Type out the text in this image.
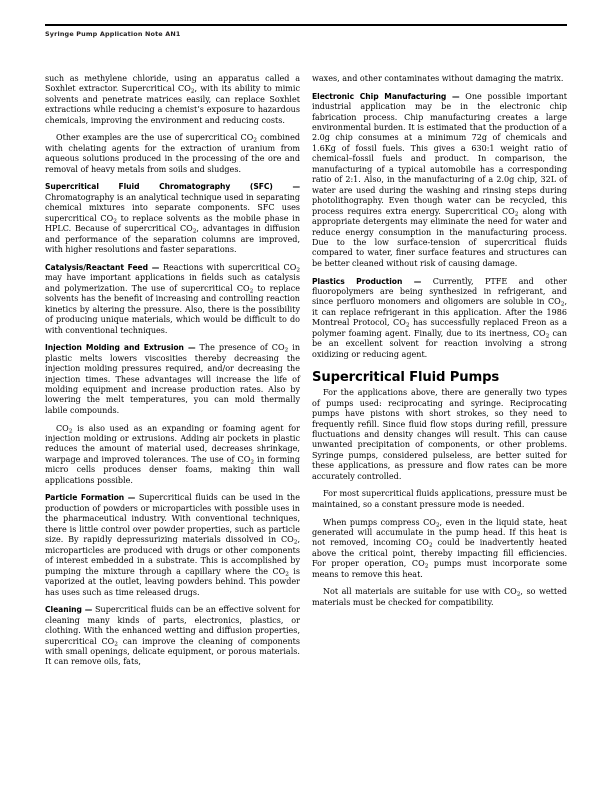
Syringe Pump Application Note AN1

such as methylene chloride, using an apparatus called a Soxhlet extractor. Supercritical $CO_2$, with its ability to mimic solvents and penetrate matrices easily, can replace Soxhlet extractions while reducing a chemist’s exposure to hazardous chemicals, improving the environment and reducing costs.

Other examples are the use of supercritical $CO_2$ combined with chelating agents for the extraction of uranium from aqueous solutions produced in the processing of the ore and removal of heavy metals from soils and sludges.

Supercritical Fluid Chromatography (SFC) — Chromatography is an analytical technique used in separating chemical mixtures into separate components. SFC uses supercritical $CO_2$ to replace solvents as the mobile phase in HPLC. Because of supercritical $CO_2$, advantages in diffusion and performance of the separation columns are improved, with higher resolutions and faster separations.

Catalysis/Reactant Feed — Reactions with supercritical $CO_2$ may have important applications in fields such as catalysis and polymerization. The use of supercritical $CO_2$ to replace solvents has the benefit of increasing and controlling reaction kinetics by altering the pressure. Also, there is the possibility of producing unique materials, which would be difficult to do with conventional techniques.

Injection Molding and Extrusion — The presence of $CO_2$ in plastic melts lowers viscosities thereby decreasing the injection molding pressures required, and/or decreasing the injection times. These advantages will increase the life of molding equipment and increase production rates. Also by lowering the melt temperatures, you can mold thermally labile compounds.

$CO_2$ is also used as an expanding or foaming agent for injection molding or extrusions. Adding air pockets in plastic reduces the amount of material used, decreases shrinkage, warpage and improved tolerances. The use of $CO_2$ in forming micro cells produces denser foams, making thin wall applications possible.

Particle Formation — Supercritical fluids can be used in the production of powders or microparticles with possible uses in the pharmaceutical industry. With conventional techniques, there is little control over powder properties, such as particle size. By rapidly depressurizing materials dissolved in $CO_2$, microparticles are produced with drugs or other components of interest embedded in a substrate. This is accomplished by pumping the mixture through a capillary where the $CO_2$ is vaporized at the outlet, leaving powders behind. This powder has uses such as time released drugs.

Cleaning — Supercritical fluids can be an effective solvent for cleaning many kinds of parts, electronics, plastics, or clothing. With the enhanced wetting and diffusion properties, supercritical $CO_2$ can improve the cleaning of components with small openings, delicate equipment, or porous materials. It can remove oils, fats,

waxes, and other contaminates without damaging the matrix.

Electronic Chip Manufacturing — One possible important industrial application may be in the electronic chip fabrication process. Chip manufacturing creates a large environmental burden. It is estimated that the production of a 2.0g chip consumes at a minimum 72g of chemicals and 1.6Kg of fossil fuels. This gives a 630:1 weight ratio of chemical–fossil fuels and product. In comparison, the manufacturing of a typical automobile has a corresponding ratio of 2:1. Also, in the manufacturing of a 2.0g chip, 32L of water are used during the washing and rinsing steps during photolithography. Even though water can be recycled, this process requires extra energy. Supercritical $CO_2$ along with appropriate detergents may eliminate the need for water and reduce energy consumption in the manufacturing process. Due to the low surface-tension of supercritical fluids compared to water, finer surface features and structures can be better cleaned without risk of causing damage.

Plastics Production — Currently, PTFE and other fluoropolymers are being synthesized in refrigerant, and since perfluoro monomers and oligomers are soluble in $CO_2$, it can replace refrigerant in this application. After the 1986 Montreal Protocol, $CO_2$ has successfully replaced Freon as a polymer foaming agent. Finally, due to its inertness, $CO_2$ can be an excellent solvent for reaction involving a strong oxidizing or reducing agent.

Supercritical Fluid Pumps

For the applications above, there are generally two types of pumps used: reciprocating and syringe. Reciprocating pumps have pistons with short strokes, so they need to frequently refill. Since fluid flow stops during refill, pressure fluctuations and density changes will result. This can cause unwanted precipitation of components, or other problems. Syringe pumps, considered pulseless, are better suited for these applications, as pressure and flow rates can be more accurately controlled.

For most supercritical fluids applications, pressure must be maintained, so a constant pressure mode is needed.

When pumps compress $CO_2$, even in the liquid state, heat generated will accumulate in the pump head. If this heat is not removed, incoming $CO_2$ could be inadvertently heated above the critical point, thereby impacting fill efficiencies. For proper operation, $CO_2$ pumps must incorporate some means to remove this heat.

Not all materials are suitable for use with $CO_2$, so wetted materials must be checked for compatibility.
